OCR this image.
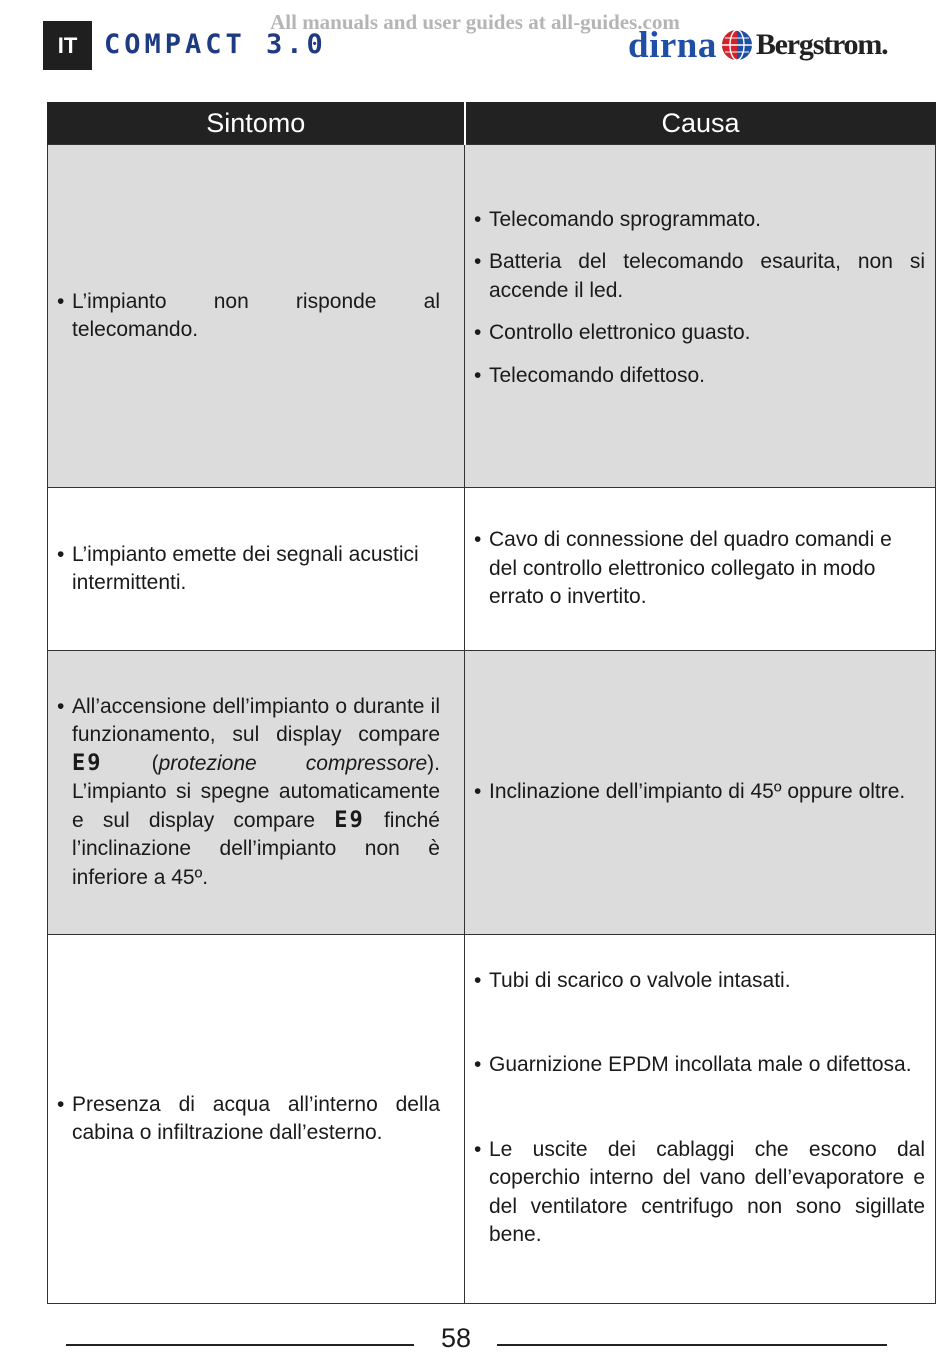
All manuals and user guides at all-guides.com
IT COMPACT 3.0	dirna Bergstrom.
Sintomo	Causa

• L’impianto non risponde al telecomando.	• Telecomando sprogrammato.
• Batteria del telecomando esaurita, non si accende il led.
• Controllo elettronico guasto.
• Telecomando difettoso.

• L’impianto emette dei segnali acustici intermittenti.	• Cavo di connessione del quadro comandi e del controllo elettronico collegato in modo errato o invertito.

• All’accensione dell’impianto o durante il funzionamento, sul display compare E9 (protezione compressore). L’impianto si spegne automaticamente e sul display compare E9 finché l’inclinazione dell’impianto non è inferiore a 45º.	• Inclinazione dell’impianto di 45º oppure oltre.

• Presenza di acqua all’interno della cabina o infiltrazione dall’esterno.	• Tubi di scarico o valvole intasati.
• Guarnizione EPDM incollata male o difettosa.
• Le uscite dei cablaggi che escono dal coperchio interno del vano dell’evaporatore e del ventilatore centrifugo non sono sigillate bene.
58
